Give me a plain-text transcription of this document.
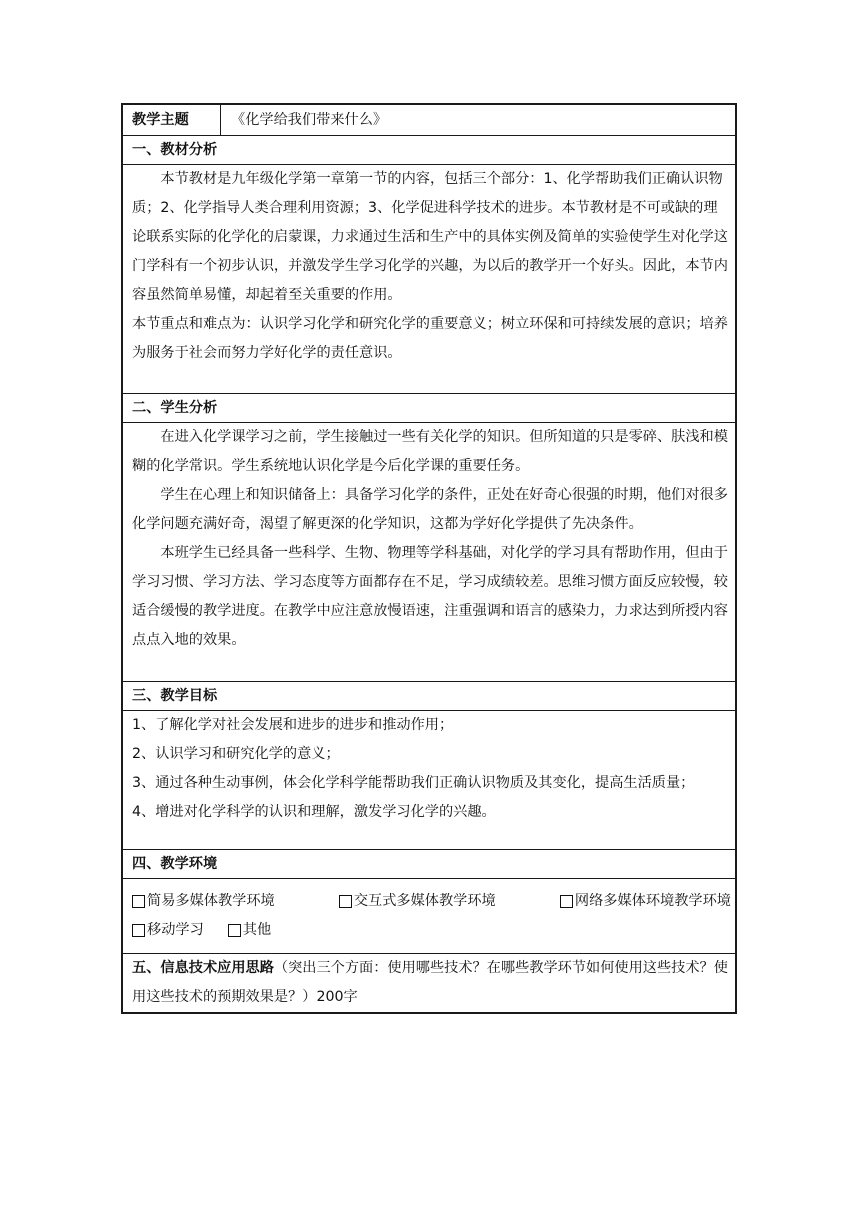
教学主题	《化学给我们带来什么》
一、教材分析

本节教材是九年级化学第一章第一节的内容，包括三个部分：1、化学帮助我们正确认识物质；2、化学指导人类合理利用资源；3、化学促进科学技术的进步。本节教材是不可或缺的理论联系实际的化学化的启蒙课，力求通过生活和生产中的具体实例及简单的实验使学生对化学这门学科有一个初步认识，并激发学生学习化学的兴趣，为以后的教学开一个好头。因此，本节内容虽然简单易懂，却起着至关重要的作用。

本节重点和难点为：认识学习化学和研究化学的重要意义；树立环保和可持续发展的意识；培养为服务于社会而努力学好化学的责任意识。

二、学生分析

在进入化学课学习之前，学生接触过一些有关化学的知识。但所知道的只是零碎、肤浅和模糊的化学常识。学生系统地认识化学是今后化学课的重要任务。

学生在心理上和知识储备上：具备学习化学的条件，正处在好奇心很强的时期，他们对很多化学问题充满好奇，渴望了解更深的化学知识，这都为学好化学提供了先决条件。

本班学生已经具备一些科学、生物、物理等学科基础，对化学的学习具有帮助作用，但由于学习习惯、学习方法、学习态度等方面都存在不足，学习成绩较差。思维习惯方面反应较慢，较适合缓慢的教学进度。在教学中应注意放慢语速，注重强调和语言的感染力，力求达到所授内容点点入地的效果。

三、教学目标

1、了解化学对社会发展和进步的进步和推动作用；

2、认识学习和研究化学的意义；

3、通过各种生动事例，体会化学科学能帮助我们正确认识物质及其变化，提高生活质量；

4、增进对化学科学的认识和理解，激发学习化学的兴趣。

四、教学环境
简易多媒体教学环境	交互式多媒体教学环境	网络多媒体环境教学环境
移动学习	其他
五、信息技术应用思路（突出三个方面：使用哪些技术？在哪些教学环节如何使用这些技术？使用这些技术的预期效果是？）200字
